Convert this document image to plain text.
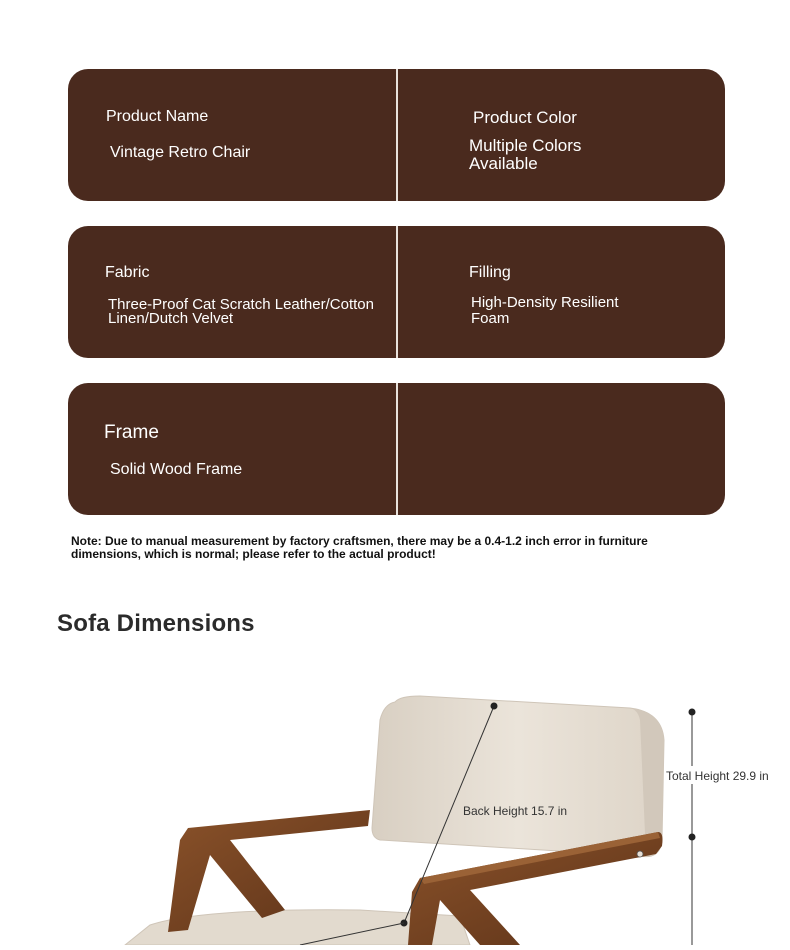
Product Name
Vintage Retro Chair
Product Color
Multiple Colors
Available
Fabric
Three-Proof Cat Scratch Leather/Cotton
Linen/Dutch Velvet
Filling
High-Density Resilient
Foam
Frame
Solid Wood Frame
Note: Due to manual measurement by factory craftsmen, there may be a 0.4-1.2 inch error in furniture
dimensions, which is normal; please refer to the actual product!
Sofa Dimensions
Total Height 29.9 in
Back Height 15.7 in
